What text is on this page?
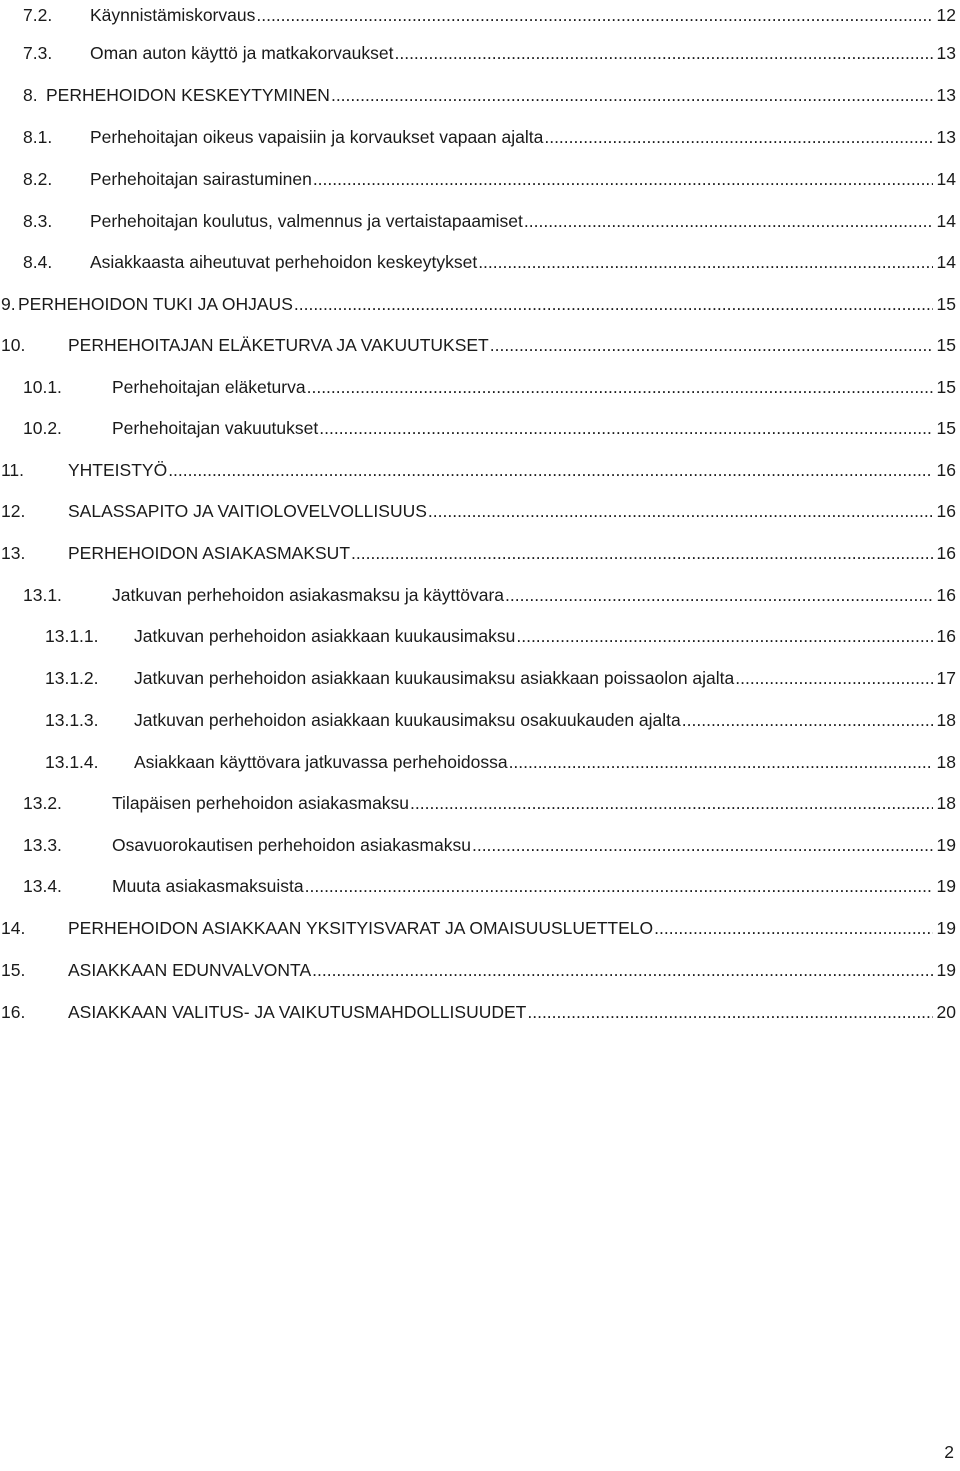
7.2. Käynnistämiskorvaus .....	12
7.3. Oman auton käyttö ja matkakorvaukset .....	13
8. PERHEHOIDON KESKEYTYMINEN .....	13
8.1. Perhehoitajan oikeus vapaisiin ja korvaukset vapaan ajalta .....	13
8.2. Perhehoitajan sairastuminen .....	14
8.3. Perhehoitajan koulutus, valmennus ja vertaistapaamiset .....	14
8.4. Asiakkaasta aiheutuvat perhehoidon keskeytykset .....	14
9. PERHEHOIDON TUKI JA OHJAUS .....	15
10. PERHEHOITAJAN ELÄKETURVA JA VAKUUTUKSET .....	15
10.1.	Perhehoitajan eläketurva .....	15
10.2.	Perhehoitajan vakuutukset .....	15
11.	YHTEISTYÖ .....	16
12. SALASSAPITO JA VAITIOLOVELVOLLISUUS .....	16
13. PERHEHOIDON ASIAKASMAKSUT .....	16
13.1.	Jatkuvan perhehoidon asiakasmaksu ja käyttövara .....	16
13.1.1. Jatkuvan perhehoidon asiakkaan kuukausimaksu .....	16
13.1.2. Jatkuvan perhehoidon asiakkaan kuukausimaksu asiakkaan poissaolon ajalta .....	17
13.1.3. Jatkuvan perhehoidon asiakkaan kuukausimaksu osakuukauden ajalta .....	18
13.1.4. Asiakkaan käyttövara jatkuvassa perhehoidossa .....	18
13.2.	Tilapäisen perhehoidon asiakasmaksu .....	18
13.3.	Osavuorokautisen perhehoidon asiakasmaksu .....	19
13.4.	Muuta asiakasmaksuista .....	19
14. PERHEHOIDON ASIAKKAAN YKSITYISVARAT JA OMAISUUSLUETTELO .....	19
15. ASIAKKAAN EDUNVALVONTA .....	19
16. ASIAKKAAN VALITUS- JA VAIKUTUSMAHDOLLISUUDET .....	20
2
